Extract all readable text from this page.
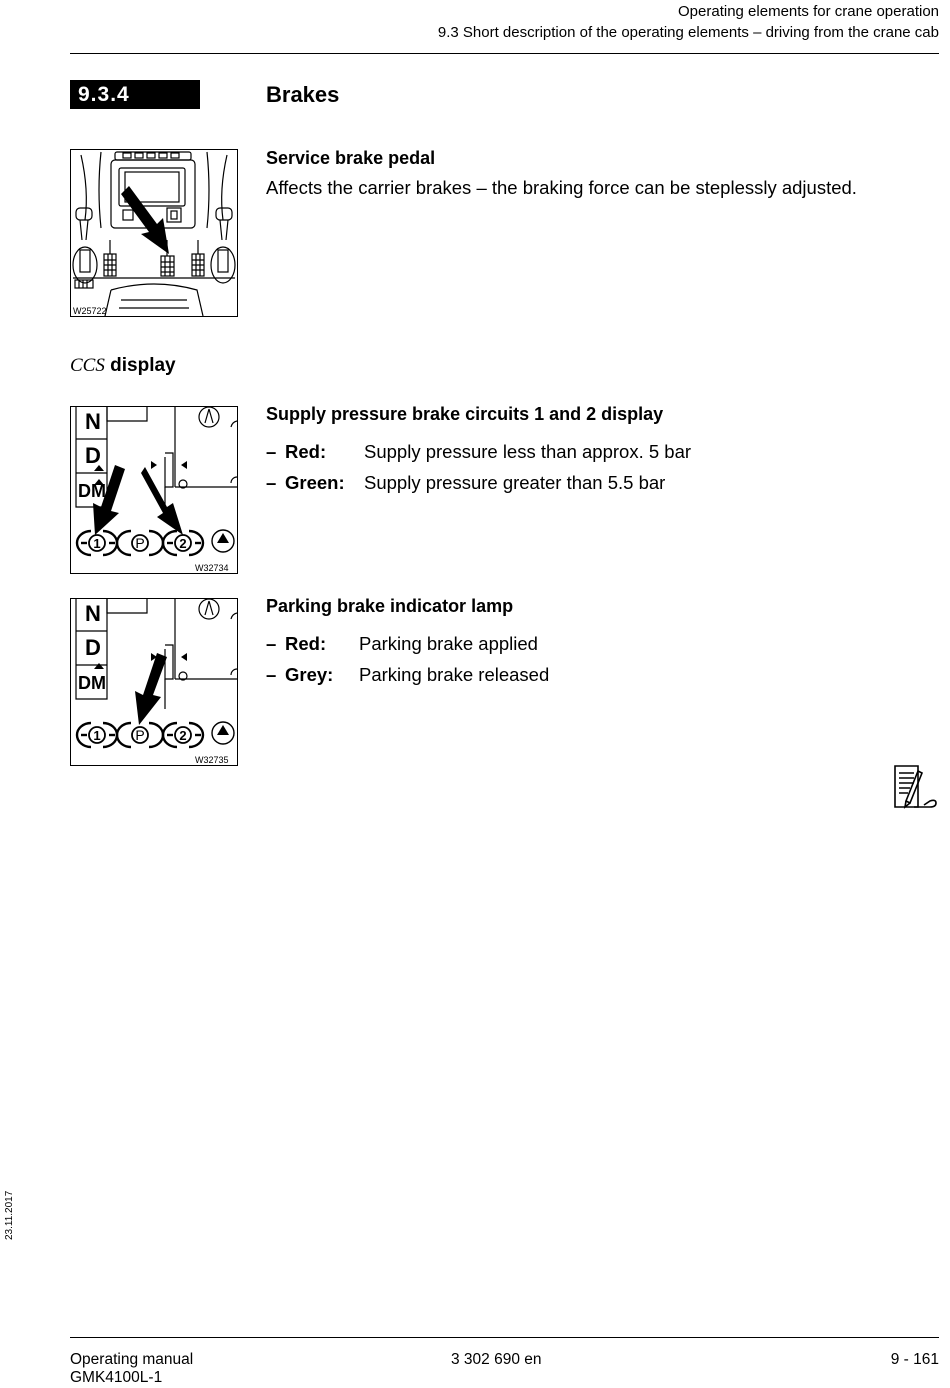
Operating elements for crane operation
9.3 Short description of the operating elements – driving from the crane cab
9.3.4	Brakes
W25722
Service brake pedal
Affects the carrier brakes – the braking force can be steplessly adjusted.
CCS display
N
D
DM
1 P	2
W32734
Supply pressure brake circuits 1 and 2 display
– Red: Supply pressure less than approx. 5 bar
– Green: Supply pressure greater than 5.5 bar
N
D
DM
1 P	2
W32735
Parking brake indicator lamp
– Red: Parking brake applied
– Grey: Parking brake released
23.11.2017
Operating manual
GMK4100L-1
3 302 690 en	9 - 161
